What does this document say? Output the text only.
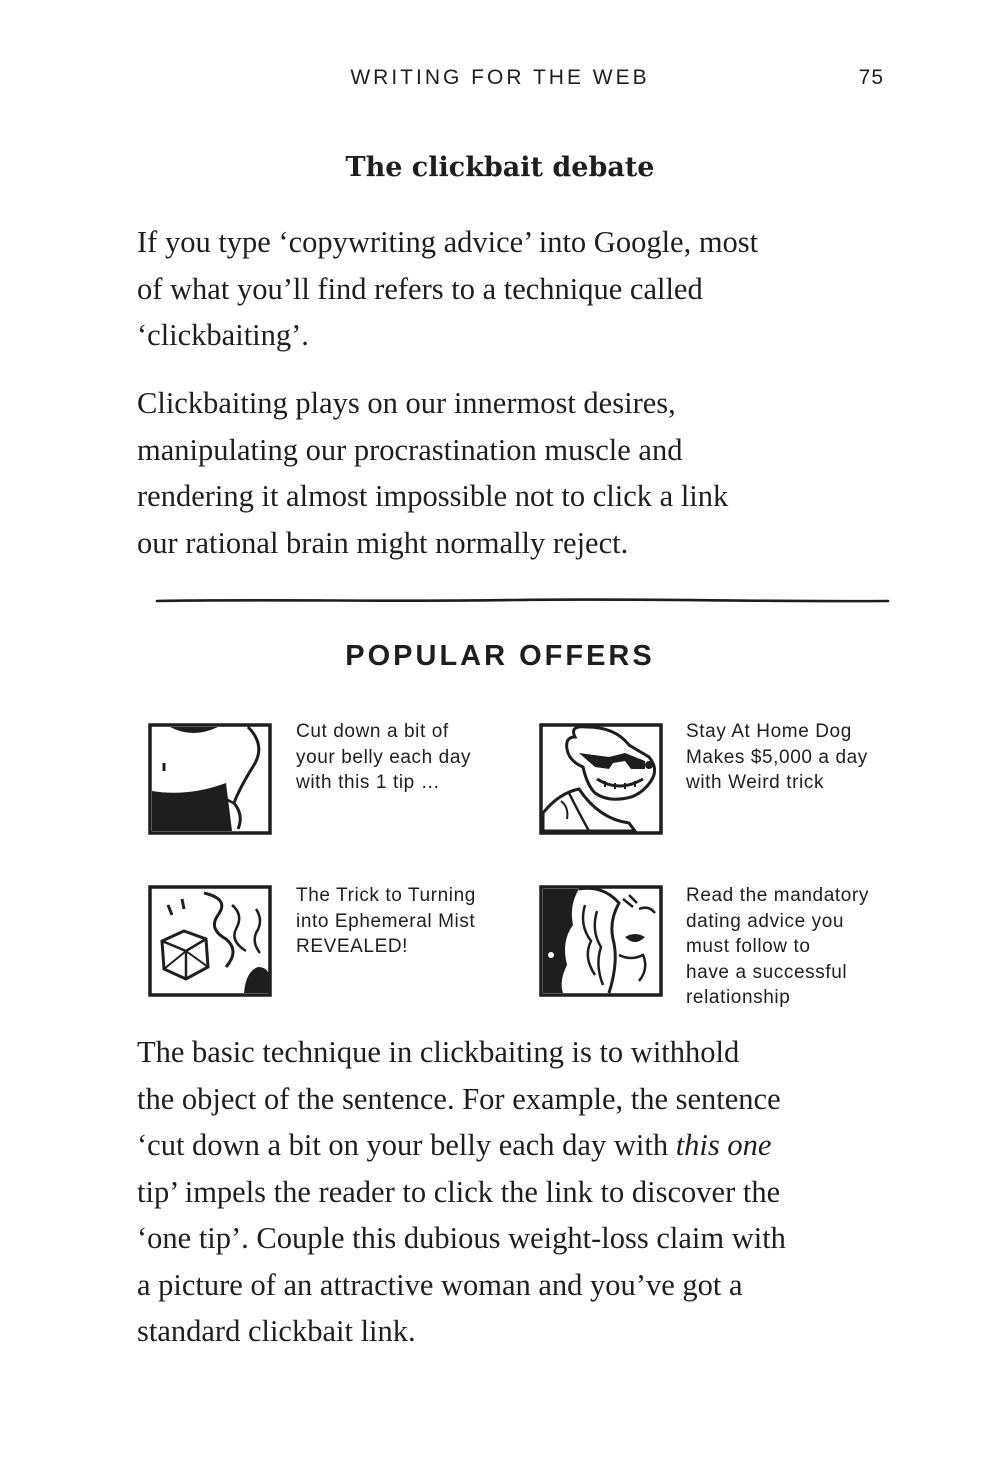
WRITING FOR THE WEB	75
The clickbait debate

If you type ‘copywriting advice’ into Google, most
of what you’ll find refers to a technique called
‘clickbaiting’.

Clickbaiting plays on our innermost desires,
manipulating our procrastination muscle and
rendering it almost impossible not to click a link
our rational brain might normally reject.

POPULAR OFFERS
Cut down a bit of
your belly each day
with this 1 tip …
Stay At Home Dog
Makes $5,000 a day
with Weird trick
The Trick to Turning
into Ephemeral Mist
REVEALED!
Read the mandatory
dating advice you
must follow to
have a successful
relationship

The basic technique in clickbaiting is to withhold
the object of the sentence. For example, the sentence
‘cut down a bit on your belly each day with this one
tip’ impels the reader to click the link to discover the
‘one tip’. Couple this dubious weight-loss claim with
a picture of an attractive woman and you’ve got a
standard clickbait link.
